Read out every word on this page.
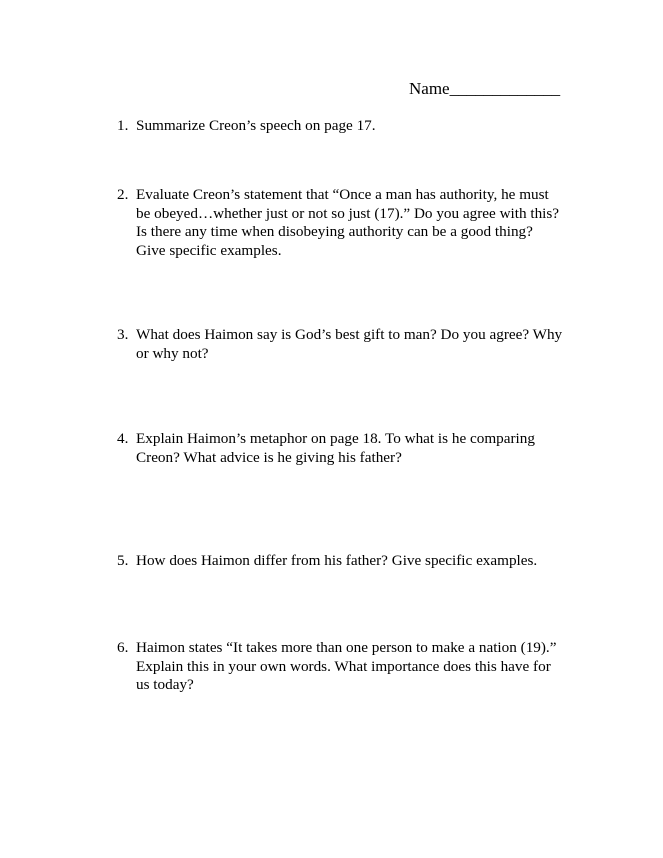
Name_____________
1. Summarize Creon’s speech on page 17.
2. Evaluate Creon’s statement that “Once a man has authority, he must
be obeyed…whether just or not so just (17).” Do you agree with this?
Is there any time when disobeying authority can be a good thing?
Give specific examples.
3. What does Haimon say is God’s best gift to man? Do you agree? Why
or why not?
4. Explain Haimon’s metaphor on page 18. To what is he comparing
Creon? What advice is he giving his father?
5. How does Haimon differ from his father? Give specific examples.
6. Haimon states “It takes more than one person to make a nation (19).”
Explain this in your own words. What importance does this have for
us today?
